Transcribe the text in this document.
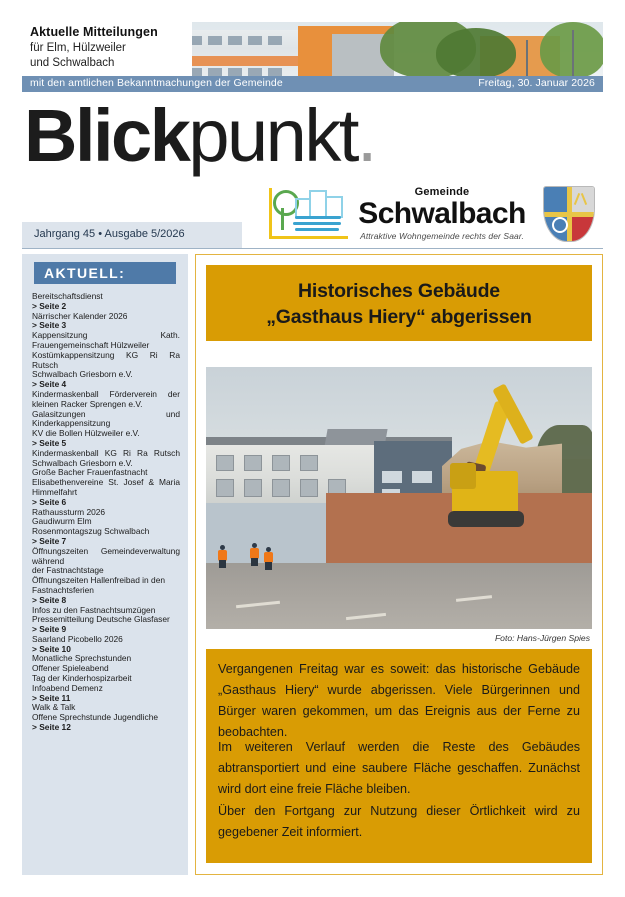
Aktuelle Mitteilungen
für Elm, Hülzweiler
und Schwalbach
mit den amtlichen Bekanntmachungen der Gemeinde	Freitag, 30. Januar 2026
Blickpunkt.
Gemeinde
Schwalbach
Attraktive Wohngemeinde rechts der Saar.
Jahrgang 45 • Ausgabe 5/2026
AKTUELL:
Bereitschaftsdienst
> Seite 2
Närrischer Kalender 2026
> Seite 3
Kappensitzung Kath. Frauengemeinschaft Hülzweiler
Kostümkappensitzung KG Ri Ra Rutsch
Schwalbach Griesborn e.V.
> Seite 4
Kindermaskenball Förderverein der kleinen Racker Sprengen e.V.
Galasitzungen und Kinderkappensitzung
KV die Bollen Hülzweiler e.V.
> Seite 5
Kindermaskenball KG Ri Ra Rutsch Schwalbach Griesborn e.V.
Große Bacher Frauenfastnacht
Elisabethenvereine St. Josef & Maria Himmelfahrt
> Seite 6
Rathaussturm 2026
Gaudiwurm Elm
Rosenmontagszug Schwalbach
> Seite 7
Öffnungszeiten Gemeindeverwaltung während
der Fastnachtstage
Öffnungszeiten Hallenfreibad in den
Fastnachtsferien
> Seite 8
Infos zu den Fastnachtsumzügen
Pressemitteilung Deutsche Glasfaser
> Seite 9
Saarland Picobello 2026
> Seite 10
Monatliche Sprechstunden
Offener Spieleabend
Tag der Kinderhospizarbeit
Infoabend Demenz
> Seite 11
Walk & Talk
Offene Sprechstunde Jugendliche
> Seite 12
Historisches Gebäude
„Gasthaus Hiery“ abgerissen
Foto: Hans-Jürgen Spies

Vergangenen Freitag war es soweit: das historische Gebäude „Gasthaus Hiery“ wurde abgerissen. Viele Bürgerinnen und Bürger waren gekommen, um das Ereignis aus der Ferne zu beobachten.

Im weiteren Verlauf werden die Reste des Gebäudes abtransportiert und eine saubere Fläche geschaffen. Zunächst wird dort eine freie Fläche bleiben.

Über den Fortgang zur Nutzung dieser Örtlichkeit wird zu gegebener Zeit informiert.
